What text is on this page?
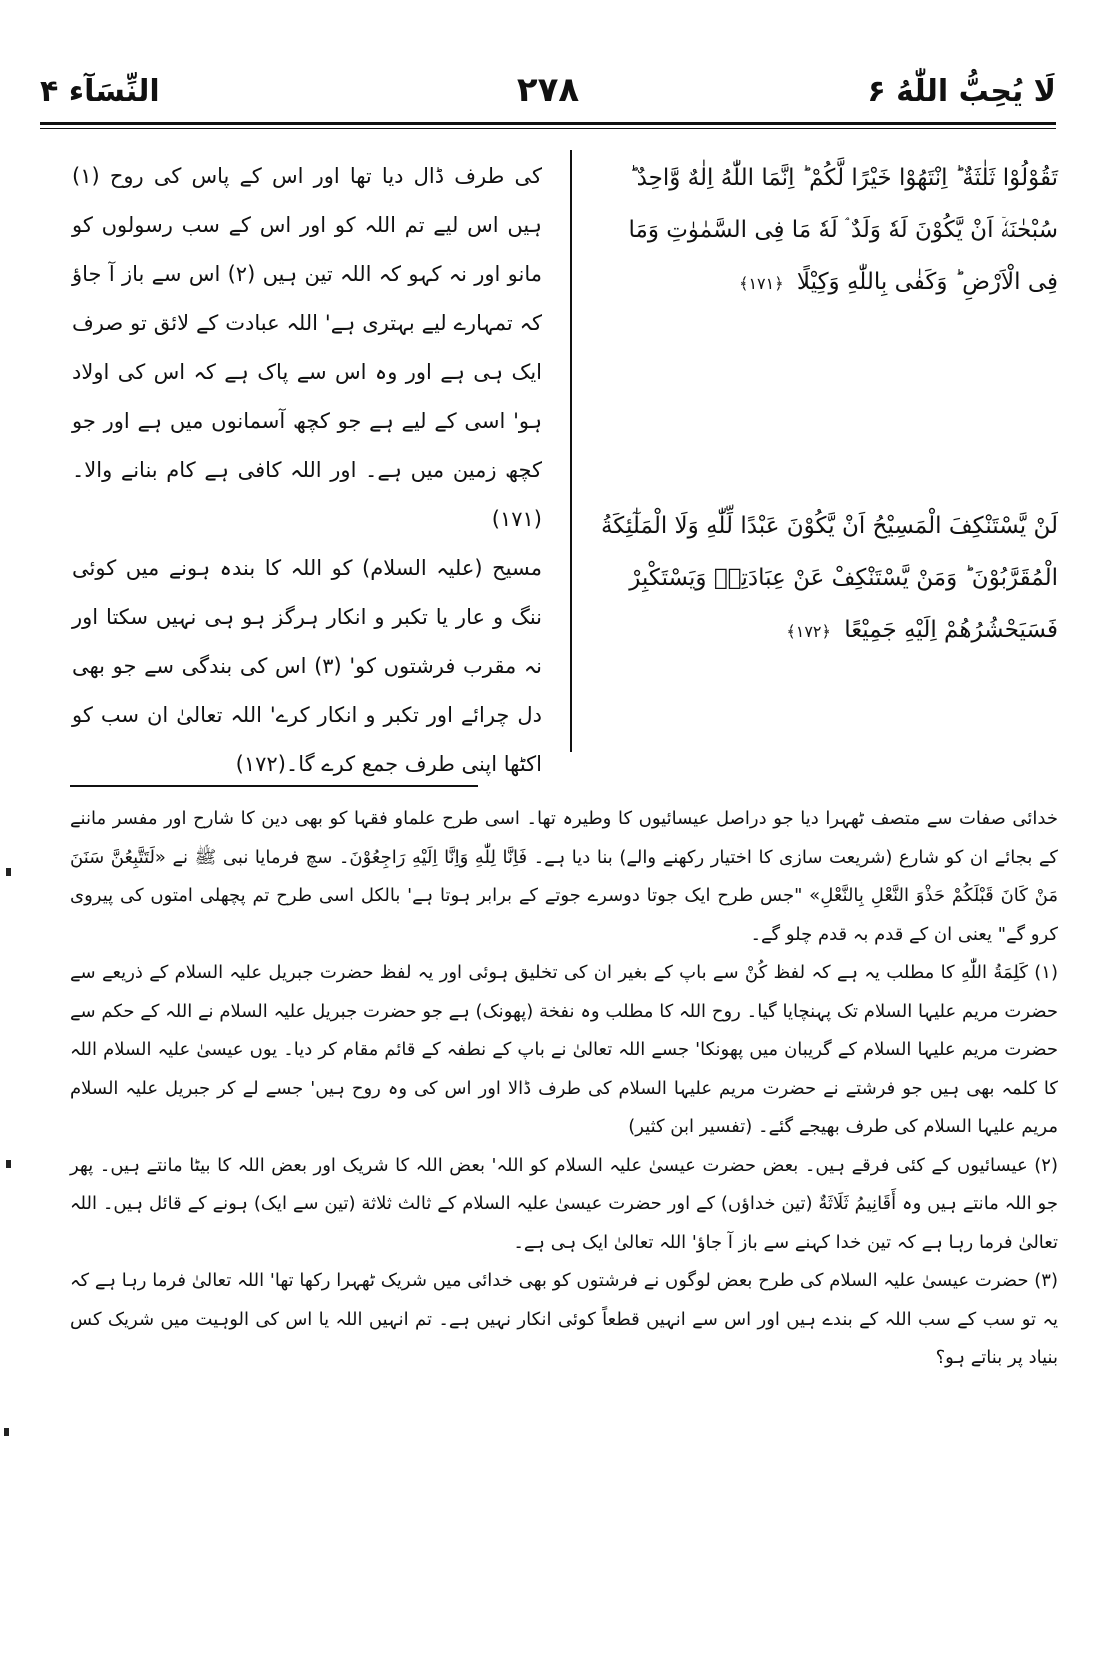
لَا يُحِبُّ اللّٰهُ ۶
۲۷۸
النِّسَآء ۴

تَقُوْلُوْا ثَلٰثَةٌ ؕ اِنْتَهُوْا خَيْرًا لَّكُمْ ؕ اِنَّمَا اللّٰهُ اِلٰهٌ وَّاحِدٌ ؕ سُبْحٰنَهٗۤ اَنْ يَّكُوْنَ لَهٗ وَلَدٌ ۘ لَهٗ مَا فِى السَّمٰوٰتِ وَمَا فِى الْاَرْضِ ؕ وَكَفٰى بِاللّٰهِ وَكِيْلًا ﴿۱۷۱﴾

لَنْ يَّسْتَنْكِفَ الْمَسِيْحُ اَنْ يَّكُوْنَ عَبْدًا لِّلّٰهِ وَلَا الْمَلٰٓئِكَةُ الْمُقَرَّبُوْنَ ؕ وَمَنْ يَّسْتَنْكِفْ عَنْ عِبَادَتِهٖ وَيَسْتَكْبِرْ فَسَيَحْشُرُهُمْ اِلَيْهِ جَمِيْعًا ﴿۱۷۲﴾

کی طرف ڈال دیا تھا اور اس کے پاس کی روح (۱) ہیں اس لیے تم اللہ کو اور اس کے سب رسولوں کو مانو اور نہ کہو کہ اللہ تین ہیں (۲) اس سے باز آ جاؤ کہ تمہارے لیے بہتری ہے' اللہ عبادت کے لائق تو صرف ایک ہی ہے اور وہ اس سے پاک ہے کہ اس کی اولاد ہو' اسی کے لیے ہے جو کچھ آسمانوں میں ہے اور جو کچھ زمین میں ہے۔ اور اللہ کافی ہے کام بنانے والا۔(۱۷۱)

مسیح (علیہ السلام) کو اللہ کا بندہ ہونے میں کوئی ننگ و عار یا تکبر و انکار ہرگز ہو ہی نہیں سکتا اور نہ مقرب فرشتوں کو' (۳) اس کی بندگی سے جو بھی دل چرائے اور تکبر و انکار کرے' اللہ تعالیٰ ان سب کو اکٹھا اپنی طرف جمع کرے گا۔(۱۷۲)

خدائی صفات سے متصف ٹھہرا دیا جو دراصل عیسائیوں کا وطیرہ تھا۔ اسی طرح علماو فقہا کو بھی دین کا شارح اور مفسر ماننے کے بجائے ان کو شارع (شریعت سازی کا اختیار رکھنے والے) بنا دیا ہے۔ فَاِنَّا لِلّٰهِ وَاِنَّا اِلَيْهِ رَاجِعُوْنَ۔ سچ فرمایا نبی ﷺ نے «لَتَتَّبِعُنَّ سَنَنَ مَنْ كَانَ قَبْلَكُمْ حَذْوَ النَّعْلِ بِالنَّعْلِ» "جس طرح ایک جوتا دوسرے جوتے کے برابر ہوتا ہے' بالکل اسی طرح تم پچھلی امتوں کی پیروی کرو گے" یعنی ان کے قدم بہ قدم چلو گے۔

(۱) كَلِمَةُ اللّٰهِ کا مطلب یہ ہے کہ لفظ كُنْ سے باپ کے بغیر ان کی تخلیق ہوئی اور یہ لفظ حضرت جبریل علیہ السلام کے ذریعے سے حضرت مریم علیہا السلام تک پہنچایا گیا۔ روح اللہ کا مطلب وہ نفخة (پھونک) ہے جو حضرت جبریل علیہ السلام نے اللہ کے حکم سے حضرت مریم علیہا السلام کے گریبان میں پھونکا' جسے اللہ تعالیٰ نے باپ کے نطفہ کے قائم مقام کر دیا۔ یوں عیسیٰ علیہ السلام اللہ کا کلمہ بھی ہیں جو فرشتے نے حضرت مریم علیہا السلام کی طرف ڈالا اور اس کی وہ روح ہیں' جسے لے کر جبریل علیہ السلام مریم علیہا السلام کی طرف بھیجے گئے۔ (تفسیر ابن کثیر)

(۲) عیسائیوں کے کئی فرقے ہیں۔ بعض حضرت عیسیٰ علیہ السلام کو اللہ' بعض اللہ کا شریک اور بعض اللہ کا بیٹا مانتے ہیں۔ پھر جو اللہ مانتے ہیں وہ أَقَانِيمُ ثَلَاثَةٌ (تین خداؤں) کے اور حضرت عیسیٰ علیہ السلام کے ثالث ثلاثة (تین سے ایک) ہونے کے قائل ہیں۔ اللہ تعالیٰ فرما رہا ہے کہ تین خدا کہنے سے باز آ جاؤ' اللہ تعالیٰ ایک ہی ہے۔

(۳) حضرت عیسیٰ علیہ السلام کی طرح بعض لوگوں نے فرشتوں کو بھی خدائی میں شریک ٹھہرا رکھا تھا' اللہ تعالیٰ فرما رہا ہے کہ یہ تو سب کے سب اللہ کے بندے ہیں اور اس سے انہیں قطعاً کوئی انکار نہیں ہے۔ تم انہیں اللہ یا اس کی الوہیت میں شریک کس بنیاد پر بناتے ہو؟
